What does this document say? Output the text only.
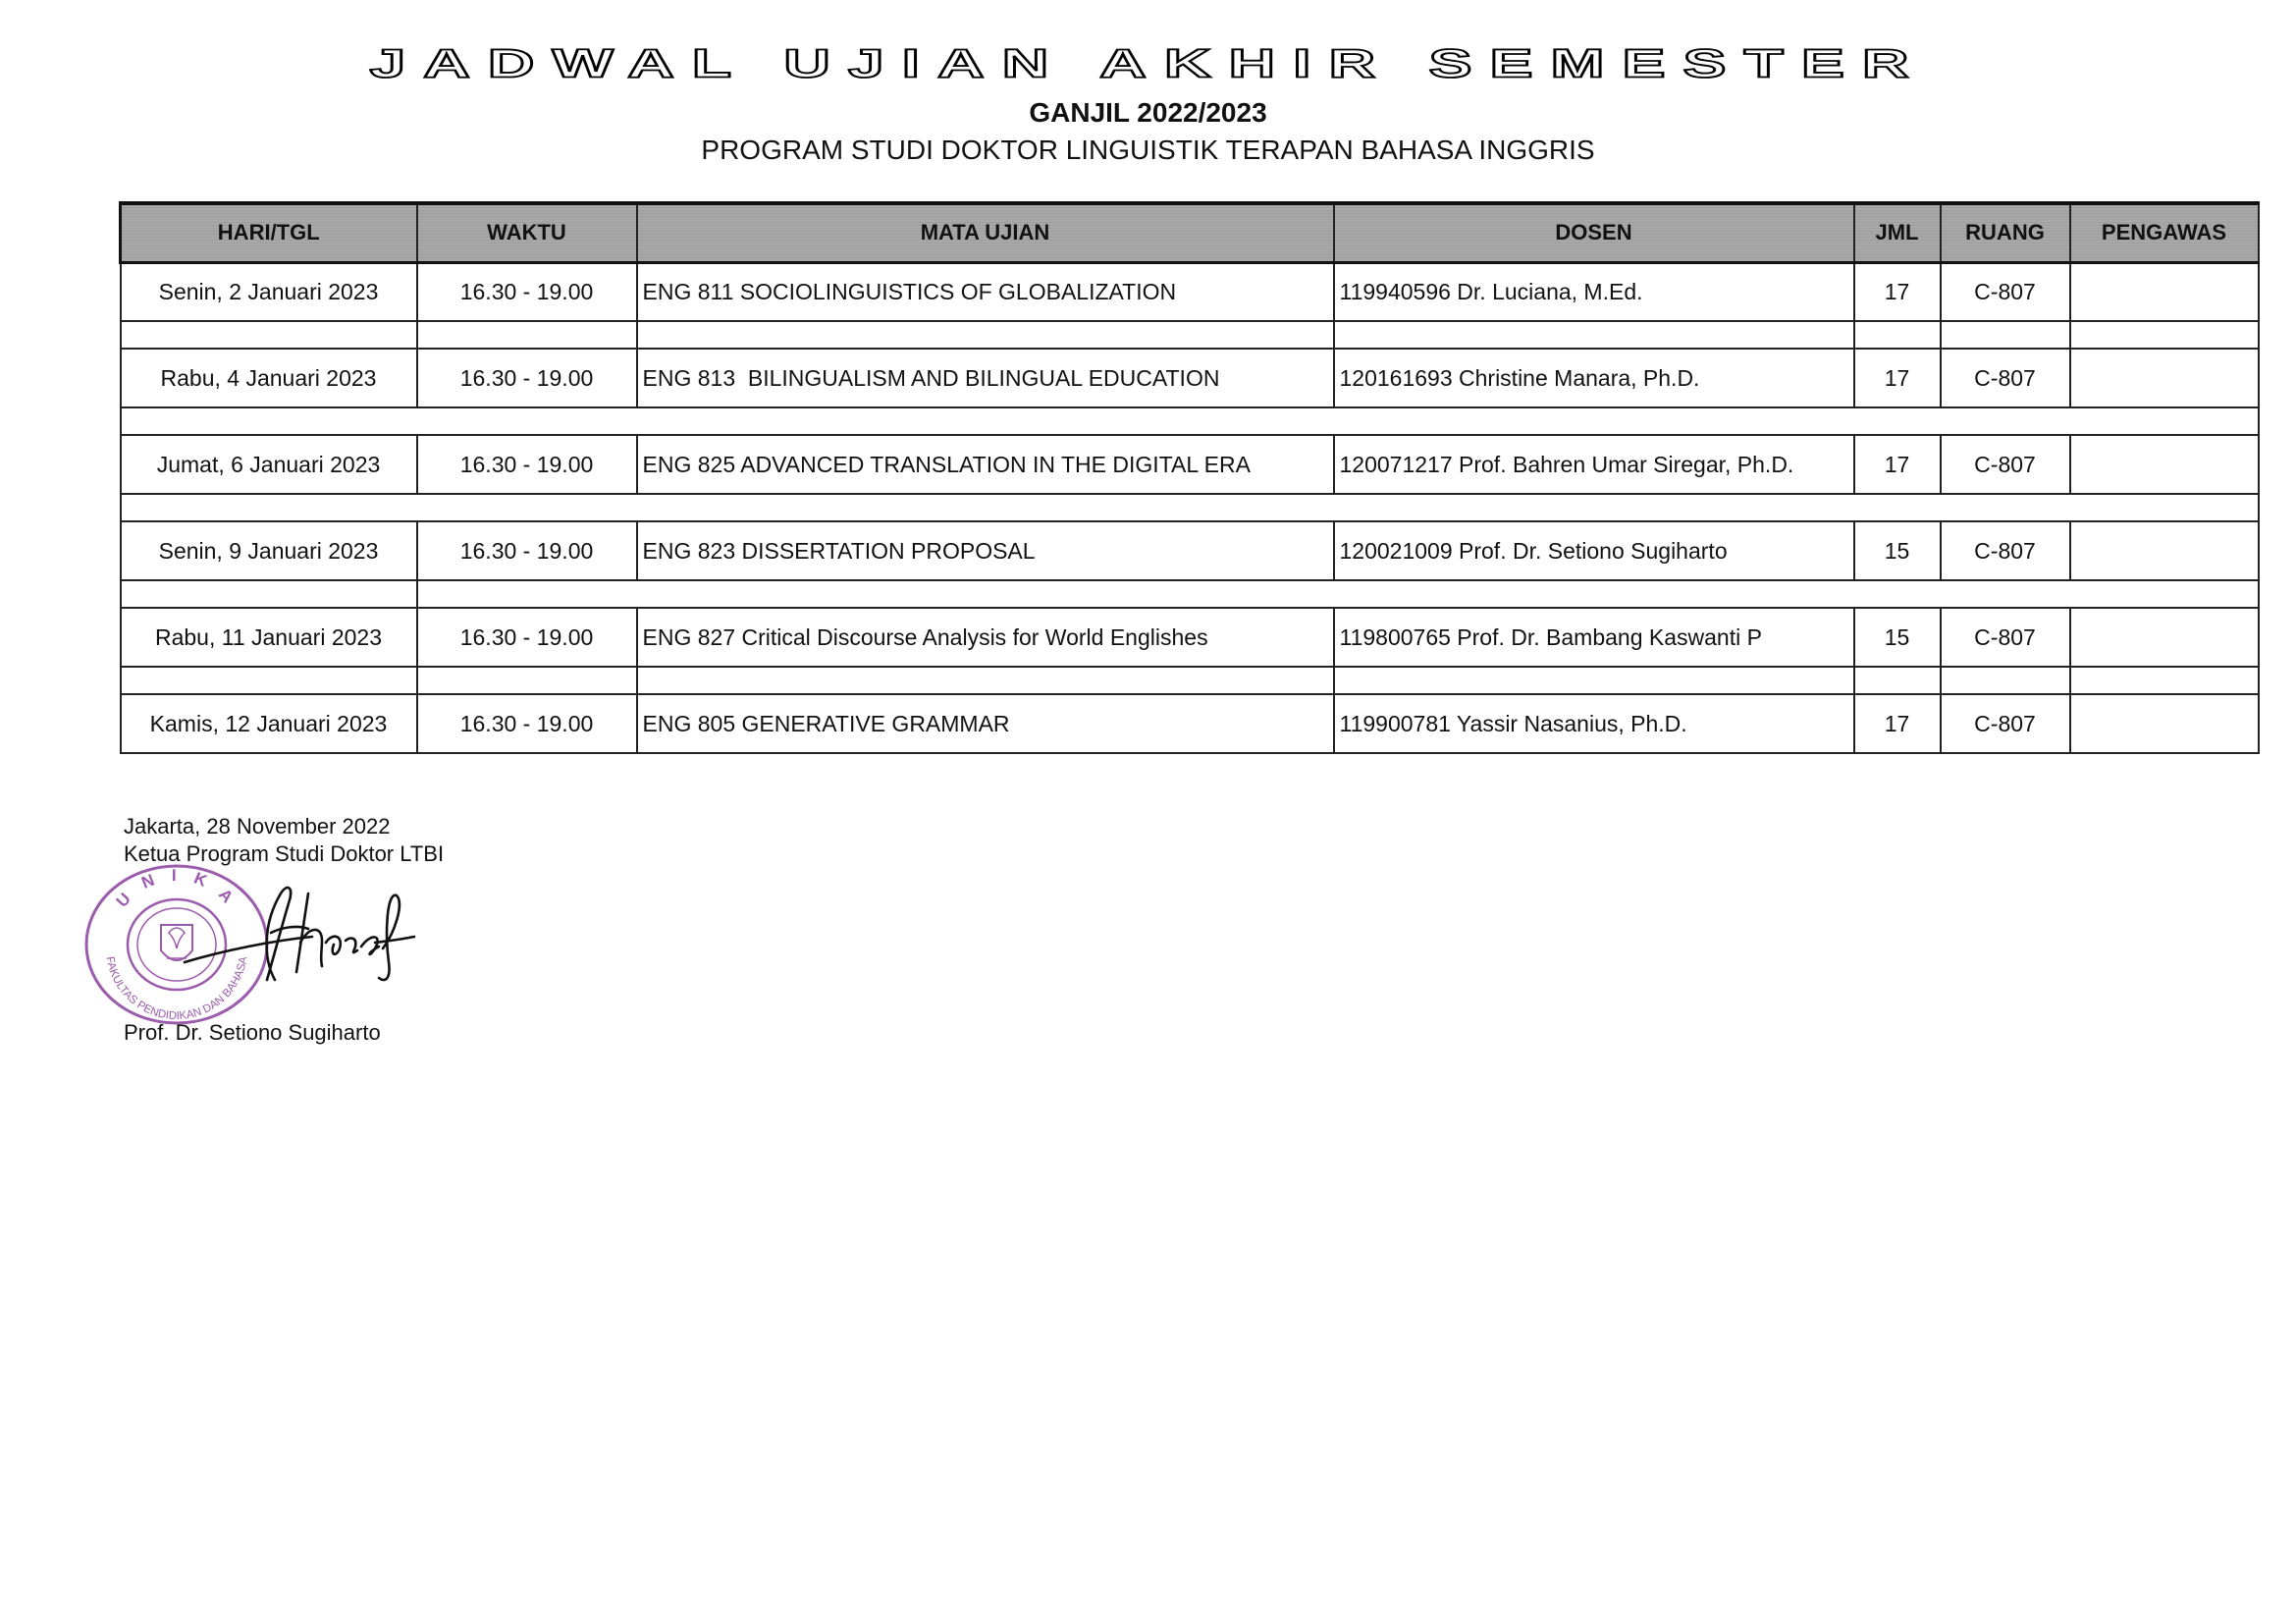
JADWAL UJIAN AKHIR SEMESTER
GANJIL 2022/2023
PROGRAM STUDI DOKTOR LINGUISTIK TERAPAN BAHASA INGGRIS
HARI/TGL	WAKTU	MATA UJIAN	DOSEN	JML	RUANG	PENGAWAS
Senin, 2 Januari 2023	16.30 - 19.00	ENG 811 SOCIOLINGUISTICS OF GLOBALIZATION	119940596 Dr. Luciana, M.Ed.	17	C-807	

Rabu, 4 Januari 2023	16.30 - 19.00	ENG 813  BILINGUALISM AND BILINGUAL EDUCATION	120161693 Christine Manara, Ph.D.	17	C-807	

Jumat, 6 Januari 2023	16.30 - 19.00	ENG 825 ADVANCED TRANSLATION IN THE DIGITAL ERA	120071217 Prof. Bahren Umar Siregar, Ph.D.	17	C-807	

Senin, 9 Januari 2023	16.30 - 19.00	ENG 823 DISSERTATION PROPOSAL	120021009 Prof. Dr. Setiono Sugiharto	15	C-807	

Rabu, 11 Januari 2023	16.30 - 19.00	ENG 827 Critical Discourse Analysis for World Englishes	119800765 Prof. Dr. Bambang Kaswanti P	15	C-807	

Kamis, 12 Januari 2023	16.30 - 19.00	ENG 805 GENERATIVE GRAMMAR	119900781 Yassir Nasanius, Ph.D.	17	C-807	
Jakarta, 28 November 2022
Ketua Program Studi Doktor LTBI
U N I K A
FAKULTAS PENDIDIKAN DAN BAHASA
Prof. Dr. Setiono Sugiharto
